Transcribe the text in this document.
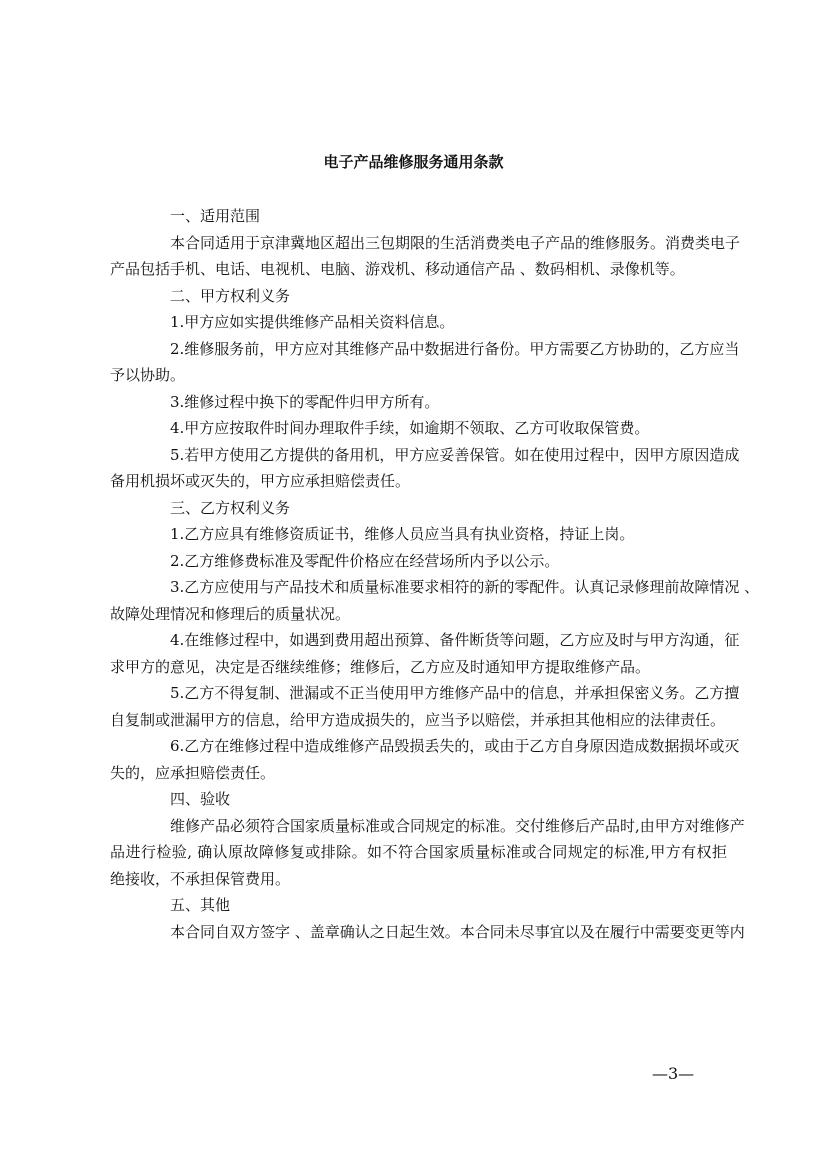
电子产品维修服务通用条款
一、适用范围
本合同适用于京津冀地区超出三包期限的生活消费类电子产品的维修服务。消费类电子
产品包括手机、电话、电视机、电脑、游戏机、移动通信产品 、数码相机、录像机等。
二、甲方权利义务
1.甲方应如实提供维修产品相关资料信息。
2.维修服务前，甲方应对其维修产品中数据进行备份。甲方需要乙方协助的，乙方应当
予以协助。
3.维修过程中换下的零配件归甲方所有。
4.甲方应按取件时间办理取件手续，如逾期不领取、乙方可收取保管费。
5.若甲方使用乙方提供的备用机，甲方应妥善保管。如在使用过程中，因甲方原因造成
备用机损坏或灭失的，甲方应承担赔偿责任。
三、乙方权利义务
1.乙方应具有维修资质证书，维修人员应当具有执业资格，持证上岗。
2.乙方维修费标准及零配件价格应在经营场所内予以公示。
3.乙方应使用与产品技术和质量标准要求相符的新的零配件。认真记录修理前故障情况 、
故障处理情况和修理后的质量状况。
4.在维修过程中，如遇到费用超出预算、备件断货等问题，乙方应及时与甲方沟通，征
求甲方的意见，决定是否继续维修；维修后，乙方应及时通知甲方提取维修产品。
5.乙方不得复制、泄漏或不正当使用甲方维修产品中的信息，并承担保密义务。乙方擅
自复制或泄漏甲方的信息，给甲方造成损失的，应当予以赔偿，并承担其他相应的法律责任。
6.乙方在维修过程中造成维修产品毁损丢失的，或由于乙方自身原因造成数据损坏或灭
失的，应承担赔偿责任。
四、验收
维修产品必须符合国家质量标准或合同规定的标准。交付维修后产品时,由甲方对维修产
品进行检验, 确认原故障修复或排除。如不符合国家质量标准或合同规定的标准,甲方有权拒
绝接收，不承担保管费用。
五、其他
本合同自双方签字 、盖章确认之日起生效。本合同未尽事宜以及在履行中需要变更等内

—3—
